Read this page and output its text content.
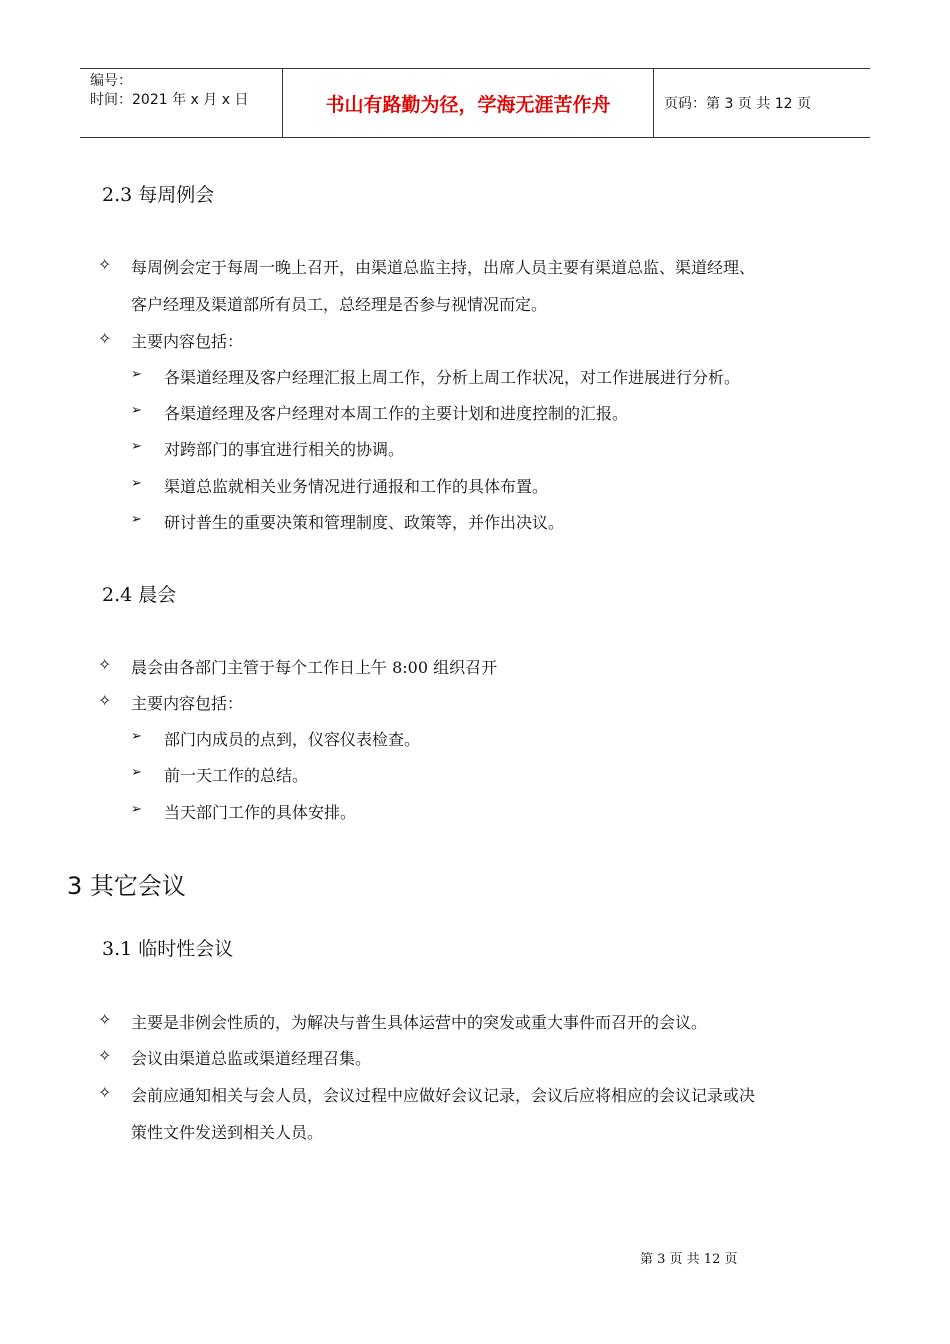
编号：
时间：2021 年 x 月 x 日	书山有路勤为径，学海无涯苦作舟	页码：第 3 页 共 12 页
2.3 每周例会
✧ 每周例会定于每周一晚上召开，由渠道总监主持，出席人员主要有渠道总监、渠道经理、
客户经理及渠道部所有员工，总经理是否参与视情况而定。
✧ 主要内容包括：
➢ 各渠道经理及客户经理汇报上周工作，分析上周工作状况，对工作进展进行分析。
➢ 各渠道经理及客户经理对本周工作的主要计划和进度控制的汇报。
➢ 对跨部门的事宜进行相关的协调。
➢ 渠道总监就相关业务情况进行通报和工作的具体布置。
➢ 研讨普生的重要决策和管理制度、政策等，并作出决议。
2.4 晨会
✧ 晨会由各部门主管于每个工作日上午 8:00 组织召开
✧ 主要内容包括：
➢ 部门内成员的点到，仪容仪表检查。
➢ 前一天工作的总结。
➢ 当天部门工作的具体安排。
3 其它会议
3.1 临时性会议
✧ 主要是非例会性质的，为解决与普生具体运营中的突发或重大事件而召开的会议。
✧ 会议由渠道总监或渠道经理召集。
✧ 会前应通知相关与会人员，会议过程中应做好会议记录，会议后应将相应的会议记录或决
策性文件发送到相关人员。
第 3 页 共 12 页
